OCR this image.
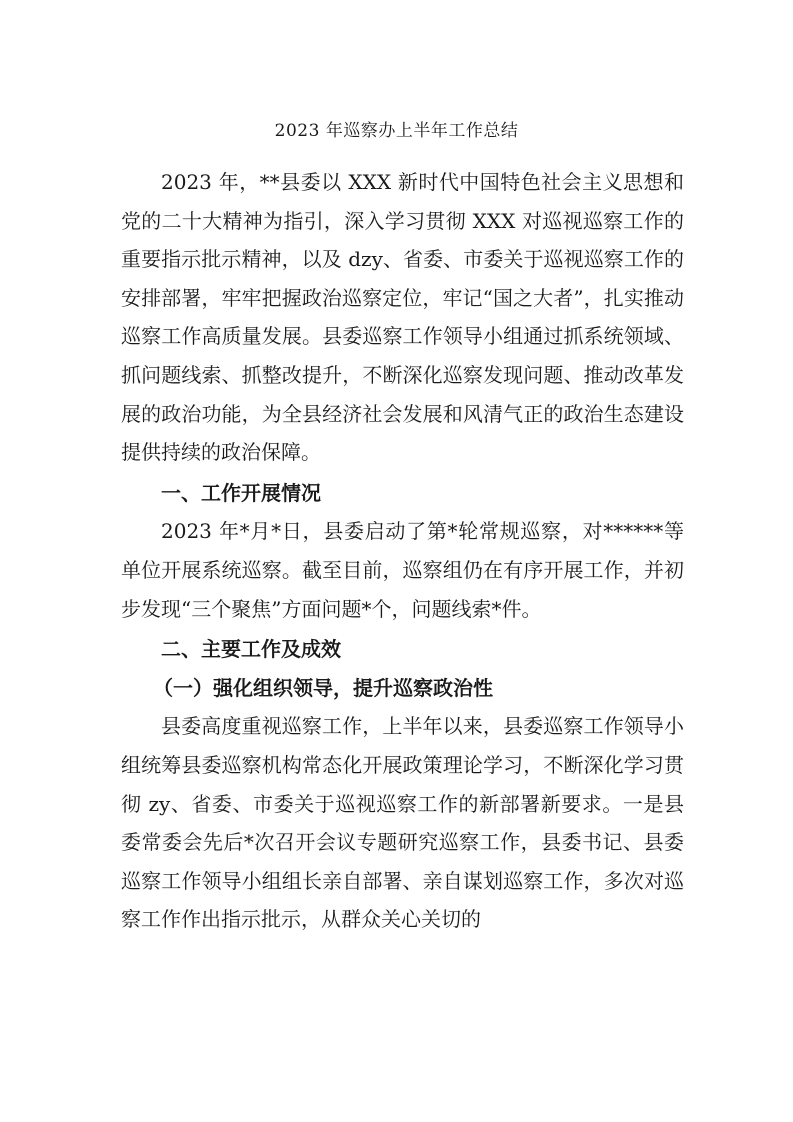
2023 年巡察办上半年工作总结

2023 年，**县委以 XXX 新时代中国特色社会主义思想和党的二十大精神为指引，深入学习贯彻 XXX 对巡视巡察工作的重要指示批示精神，以及 dzy、省委、市委关于巡视巡察工作的安排部署，牢牢把握政治巡察定位，牢记“国之大者”，扎实推动巡察工作高质量发展。县委巡察工作领导小组通过抓系统领域、抓问题线索、抓整改提升，不断深化巡察发现问题、推动改革发展的政治功能，为全县经济社会发展和风清气正的政治生态建设提供持续的政治保障。

一、工作开展情况

2023 年*月*日，县委启动了第*轮常规巡察，对******等单位开展系统巡察。截至目前，巡察组仍在有序开展工作，并初步发现“三个聚焦”方面问题*个，问题线索*件。

二、主要工作及成效

（一）强化组织领导，提升巡察政治性

县委高度重视巡察工作，上半年以来，县委巡察工作领导小组统筹县委巡察机构常态化开展政策理论学习，不断深化学习贯彻 zy、省委、市委关于巡视巡察工作的新部署新要求。一是县委常委会先后*次召开会议专题研究巡察工作，县委书记、县委巡察工作领导小组组长亲自部署、亲自谋划巡察工作，多次对巡察工作作出指示批示，从群众关心关切的
